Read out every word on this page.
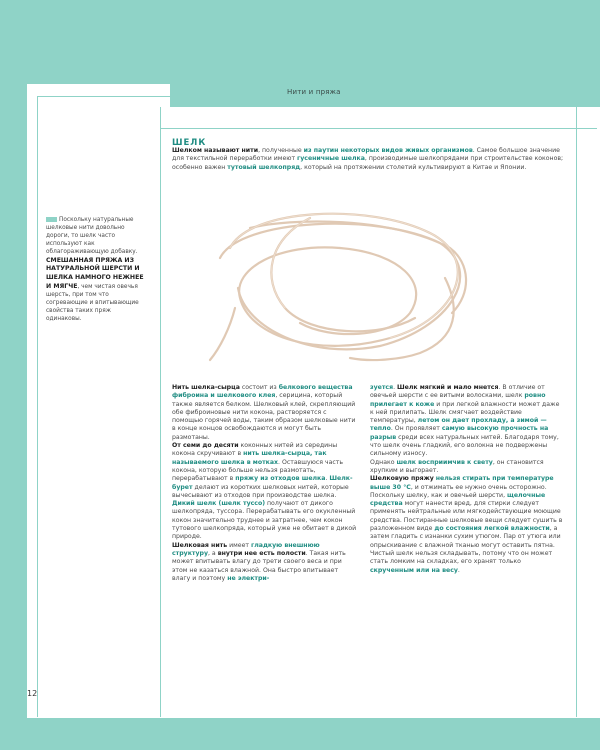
Нити и пряжа
ШЕЛК
Шелком называют нити, полученные из паутин некоторых видов живых организмов. Самое большое значение для текстильной переработки имеют гусеничные шелка, производимые шелкопрядами при строительстве коконов; особенно важен тутовый шелкопряд, который на протяжении столетий культивируют в Китае и Японии.
Поскольку натуральные шелковые нити довольно дороги, то шелк часто используют как облагораживающую добавку. СМЕШАННАЯ ПРЯЖА ИЗ НАТУРАЛЬНОЙ ШЕРСТИ И ШЕЛКА НАМНОГО НЕЖНЕЕ И МЯГЧЕ, чем чистая овечья шерсть, при том что согревающие и впитывающие свойства таких пряж одинаковы.
Нить шелка-сырца состоит из белкового вещества фиброина и шелкового клея, серицина, который также является белком. Шелковый клей, скрепляющий обе фиброиновые нити кокона, растворяется с помощью горячей воды, таким образом шелковые нити в конце концов освобождаются и могут быть размотаны.
От семи до десяти коконных нитей из середины кокона скручивают в нить шелка-сырца, так называемого шелка в мотках. Оставшуюся часть кокона, которую больше нельзя размотать, перерабатывают в пряжу из отходов шелка. Шелк-бурет делают из коротких шелковых нитей, которые вычесывают из отходов при производстве шелка. Дикий шелк (шелк туссо) получают от дикого шелкопряда, туссора. Перерабатывать его окукленный кокон значительно труднее и затратнее, чем кокон тутового шелкопряда, который уже не обитает в дикой природе.
Шелковая нить имеет гладкую внешнюю структуру, а внутри нее есть полости. Такая нить может впитывать влагу до трети своего веса и при этом не казаться влажной. Она быстро впитывает влагу и поэтому не электри-
зуется. Шелк мягкий и мало мнется. В отличие от овечьей шерсти с ее витыми волосками, шелк ровно прилегает к коже и при легкой влажности может даже к ней прилипать. Шелк смягчает воздействие температуры, летом он дает прохладу, а зимой — тепло. Он проявляет самую высокую прочность на разрыв среди всех натуральных нитей. Благодаря тому, что шелк очень гладкий, его волокна не подвержены сильному износу.
Однако шелк восприимчив к свету, он становится хрупким и выгорает.
Шелковую пряжу нельзя стирать при температуре выше 30 °С, и отжимать ее нужно очень осторожно. Поскольку шелку, как и овечьей шерсти, щелочные средства могут нанести вред, для стирки следует применять нейтральные или мягкодействующие моющие средства. Постиранные шелковые вещи следует сушить в разложенном виде до состояния легкой влажности, а затем гладить с изнанки сухим утюгом. Пар от утюга или опрыскивание с влажной тканью могут оставить пятна. Чистый шелк нельзя складывать, потому что он может стать ломким на складках, его хранят только скрученным или на весу.
12
